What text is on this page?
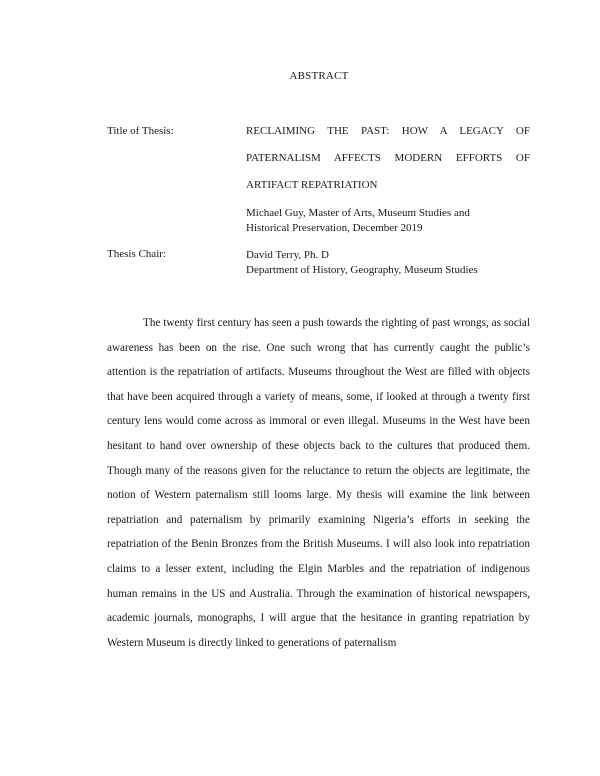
ABSTRACT
Title of Thesis:	RECLAIMING THE PAST: HOW A LEGACY OF
PATERNALISM AFFECTS MODERN EFFORTS OF
ARTIFACT REPATRIATION
Michael Guy, Master of Arts, Museum Studies and
Historical Preservation, December 2019
Thesis Chair:	David Terry, Ph. D
Department of History, Geography, Museum Studies

The twenty first century has seen a push towards the righting of past wrongs, as social awareness has been on the rise. One such wrong that has currently caught the public’s attention is the repatriation of artifacts. Museums throughout the West are filled with objects that have been acquired through a variety of means, some, if looked at through a twenty first century lens would come across as immoral or even illegal. Museums in the West have been hesitant to hand over ownership of these objects back to the cultures that produced them. Though many of the reasons given for the reluctance to return the objects are legitimate, the notion of Western paternalism still looms large. My thesis will examine the link between repatriation and paternalism by primarily examining Nigeria’s efforts in seeking the repatriation of the Benin Bronzes from the British Museums. I will also look into repatriation claims to a lesser extent, including the Elgin Marbles and the repatriation of indigenous human remains in the US and Australia. Through the examination of historical newspapers, academic journals, monographs, I will argue that the hesitance in granting repatriation by Western Museum is directly linked to generations of paternalism
